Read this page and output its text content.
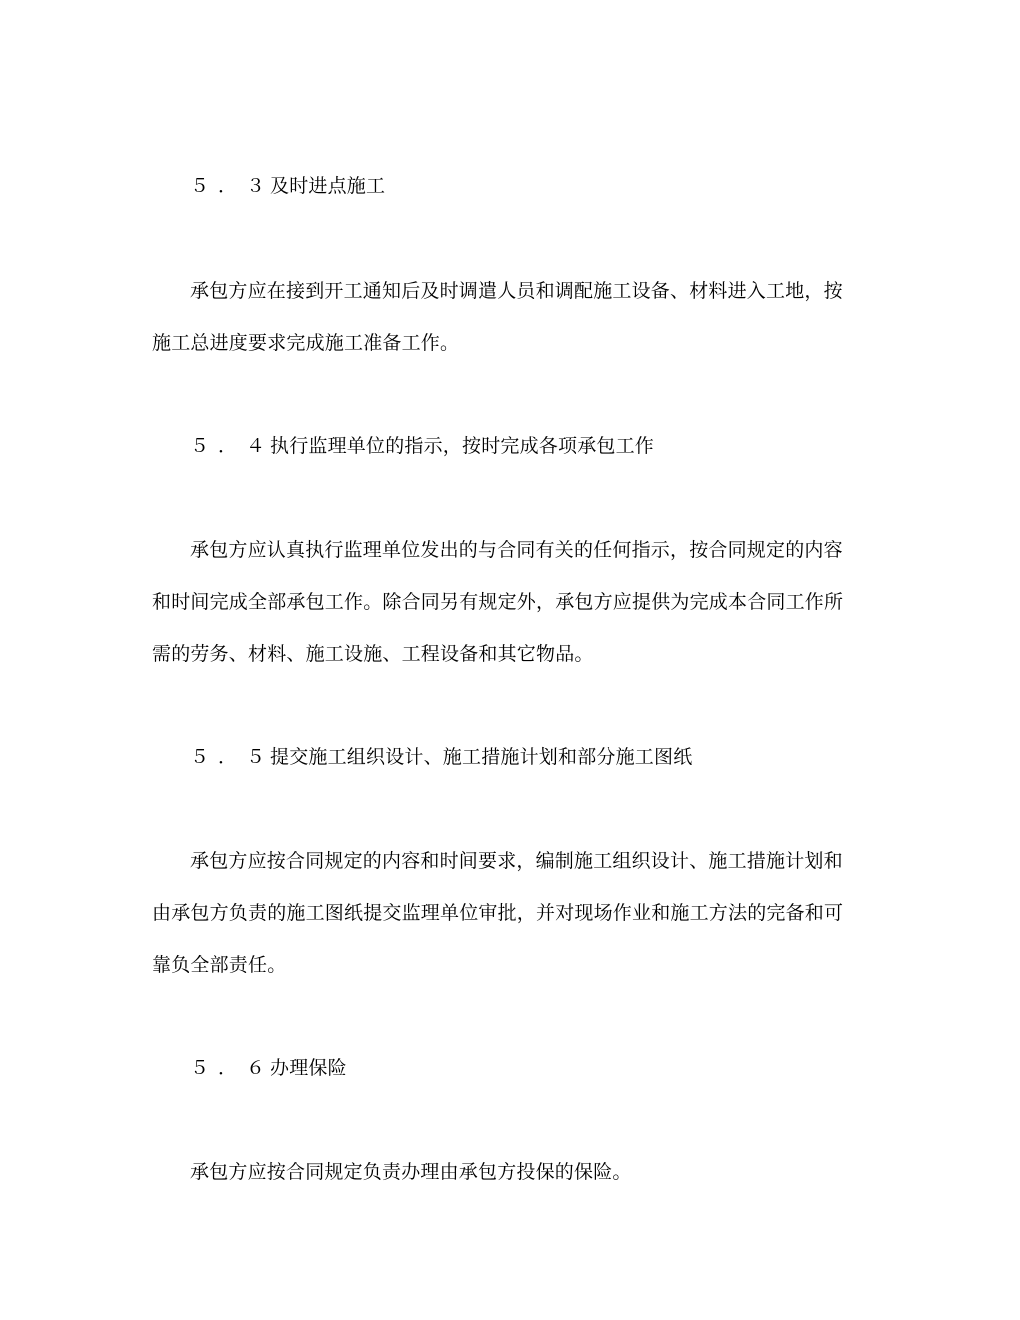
５．３及时进点施工
承包方应在接到开工通知后及时调遣人员和调配施工设备、材料进入工地，按
施工总进度要求完成施工准备工作。
５．４执行监理单位的指示，按时完成各项承包工作
承包方应认真执行监理单位发出的与合同有关的任何指示，按合同规定的内容
和时间完成全部承包工作。除合同另有规定外，承包方应提供为完成本合同工作所
需的劳务、材料、施工设施、工程设备和其它物品。
５．５提交施工组织设计、施工措施计划和部分施工图纸
承包方应按合同规定的内容和时间要求，编制施工组织设计、施工措施计划和
由承包方负责的施工图纸提交监理单位审批，并对现场作业和施工方法的完备和可
靠负全部责任。
５．６办理保险
承包方应按合同规定负责办理由承包方投保的保险。
